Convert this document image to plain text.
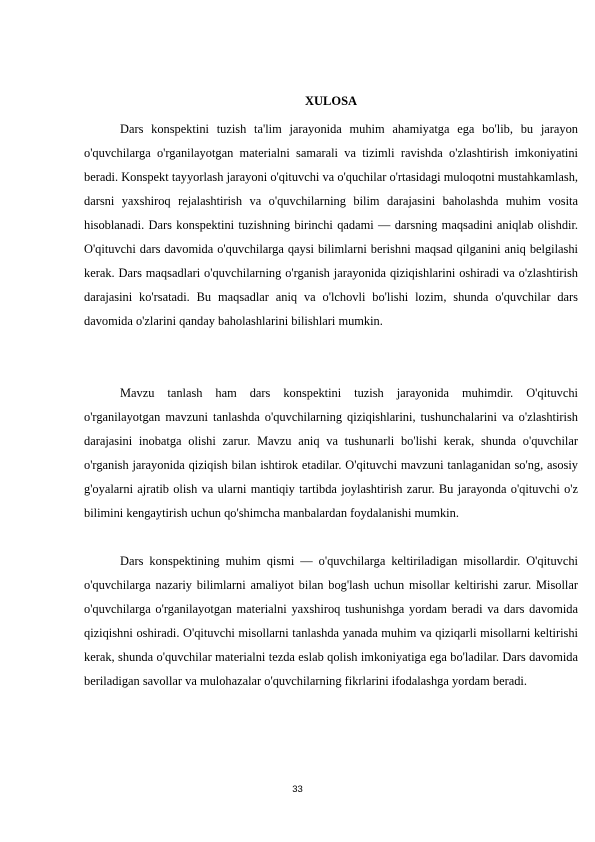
XULOSA

Dars konspektini tuzish ta'lim jarayonida muhim ahamiyatga ega bo'lib, bu jarayon o'quvchilarga o'rganilayotgan materialni samarali va tizimli ravishda o'zlashtirish imkoniyatini beradi. Konspekt tayyorlash jarayoni o'qituvchi va o'quchilar o'rtasidagi muloqotni mustahkamlash, darsni yaxshiroq rejalashtirish va o'quvchilarning bilim darajasini baholashda muhim vosita hisoblanadi. Dars konspektini tuzishning birinchi qadami — darsning maqsadini aniqlab olishdir. O'qituvchi dars davomida o'quvchilarga qaysi bilimlarni berishni maqsad qilganini aniq belgilashi kerak. Dars maqsadlari o'quvchilarning o'rganish jarayonida qiziqishlarini oshiradi va o'zlashtirish darajasini ko'rsatadi. Bu maqsadlar aniq va o'lchovli bo'lishi lozim, shunda o'quvchilar dars davomida o'zlarini qanday baholashlarini bilishlari mumkin.

Mavzu tanlash ham dars konspektini tuzish jarayonida muhimdir. O'qituvchi o'rganilayotgan mavzuni tanlashda o'quvchilarning qiziqishlarini, tushunchalarini va o'zlashtirish darajasini inobatga olishi zarur. Mavzu aniq va tushunarli bo'lishi kerak, shunda o'quvchilar o'rganish jarayonida qiziqish bilan ishtirok etadilar. O'qituvchi mavzuni tanlaganidan so'ng, asosiy g'oyalarni ajratib olish va ularni mantiqiy tartibda joylashtirish zarur. Bu jarayonda o'qituvchi o'z bilimini kengaytirish uchun qo'shimcha manbalardan foydalanishi mumkin.

Dars konspektining muhim qismi — o'quvchilarga keltiriladigan misollardir. O'qituvchi o'quvchilarga nazariy bilimlarni amaliyot bilan bog'lash uchun misollar keltirishi zarur. Misollar o'quvchilarga o'rganilayotgan materialni yaxshiroq tushunishga yordam beradi va dars davomida qiziqishni oshiradi. O'qituvchi misollarni tanlashda yanada muhim va qiziqarli misollarni keltirishi kerak, shunda o'quvchilar materialni tezda eslab qolish imkoniyatiga ega bo'ladilar. Dars davomida beriladigan savollar va mulohazalar o'quvchilarning fikrlarini ifodalashga yordam beradi.

33
